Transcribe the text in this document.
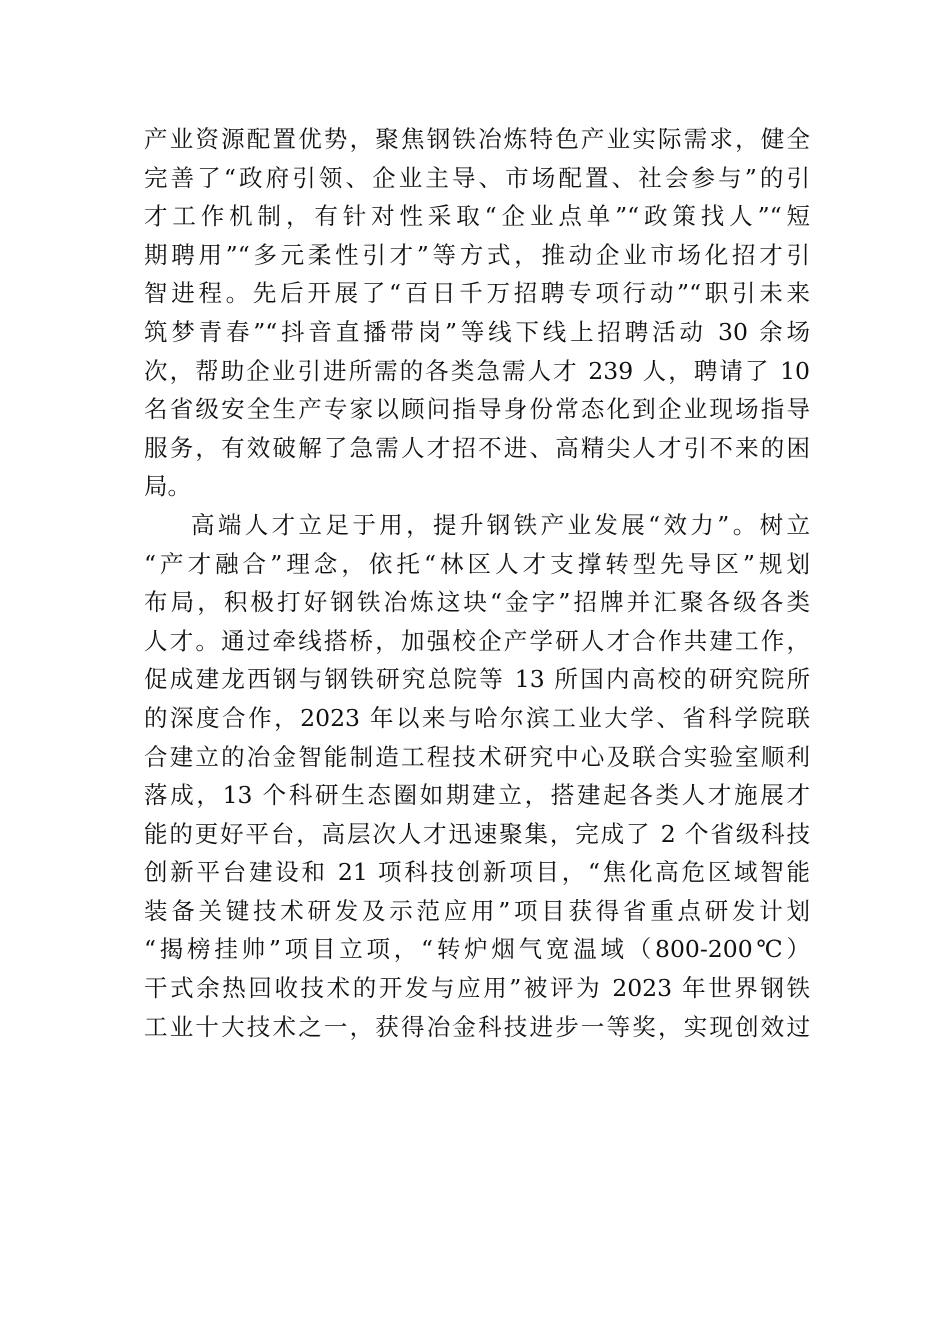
产业资源配置优势，聚焦钢铁冶炼特色产业实际需求，健全
完善了“政府引领、企业主导、市场配置、社会参与”的引
才工作机制，有针对性采取“企业点单”“政策找人”“短
期聘用”“多元柔性引才”等方式，推动企业市场化招才引
智进程。先后开展了“百日千万招聘专项行动”“职引未来
筑梦青春”“抖音直播带岗”等线下线上招聘活动 30 余场
次，帮助企业引进所需的各类急需人才 239 人，聘请了 10
名省级安全生产专家以顾问指导身份常态化到企业现场指导
服务，有效破解了急需人才招不进、高精尖人才引不来的困
局。
高端人才立足于用，提升钢铁产业发展“效力”。树立
“产才融合”理念，依托“林区人才支撑转型先导区”规划
布局，积极打好钢铁冶炼这块“金字”招牌并汇聚各级各类
人才。通过牵线搭桥，加强校企产学研人才合作共建工作，
促成建龙西钢与钢铁研究总院等 13 所国内高校的研究院所
的深度合作，2023 年以来与哈尔滨工业大学、省科学院联
合建立的冶金智能制造工程技术研究中心及联合实验室顺利
落成，13 个科研生态圈如期建立，搭建起各类人才施展才
能的更好平台，高层次人才迅速聚集，完成了 2 个省级科技
创新平台建设和 21 项科技创新项目，“焦化高危区域智能
装备关键技术研发及示范应用”项目获得省重点研发计划
“揭榜挂帅”项目立项，“转炉烟气宽温域（800-200℃）
干式余热回收技术的开发与应用”被评为 2023 年世界钢铁
工业十大技术之一，获得冶金科技进步一等奖，实现创效过
